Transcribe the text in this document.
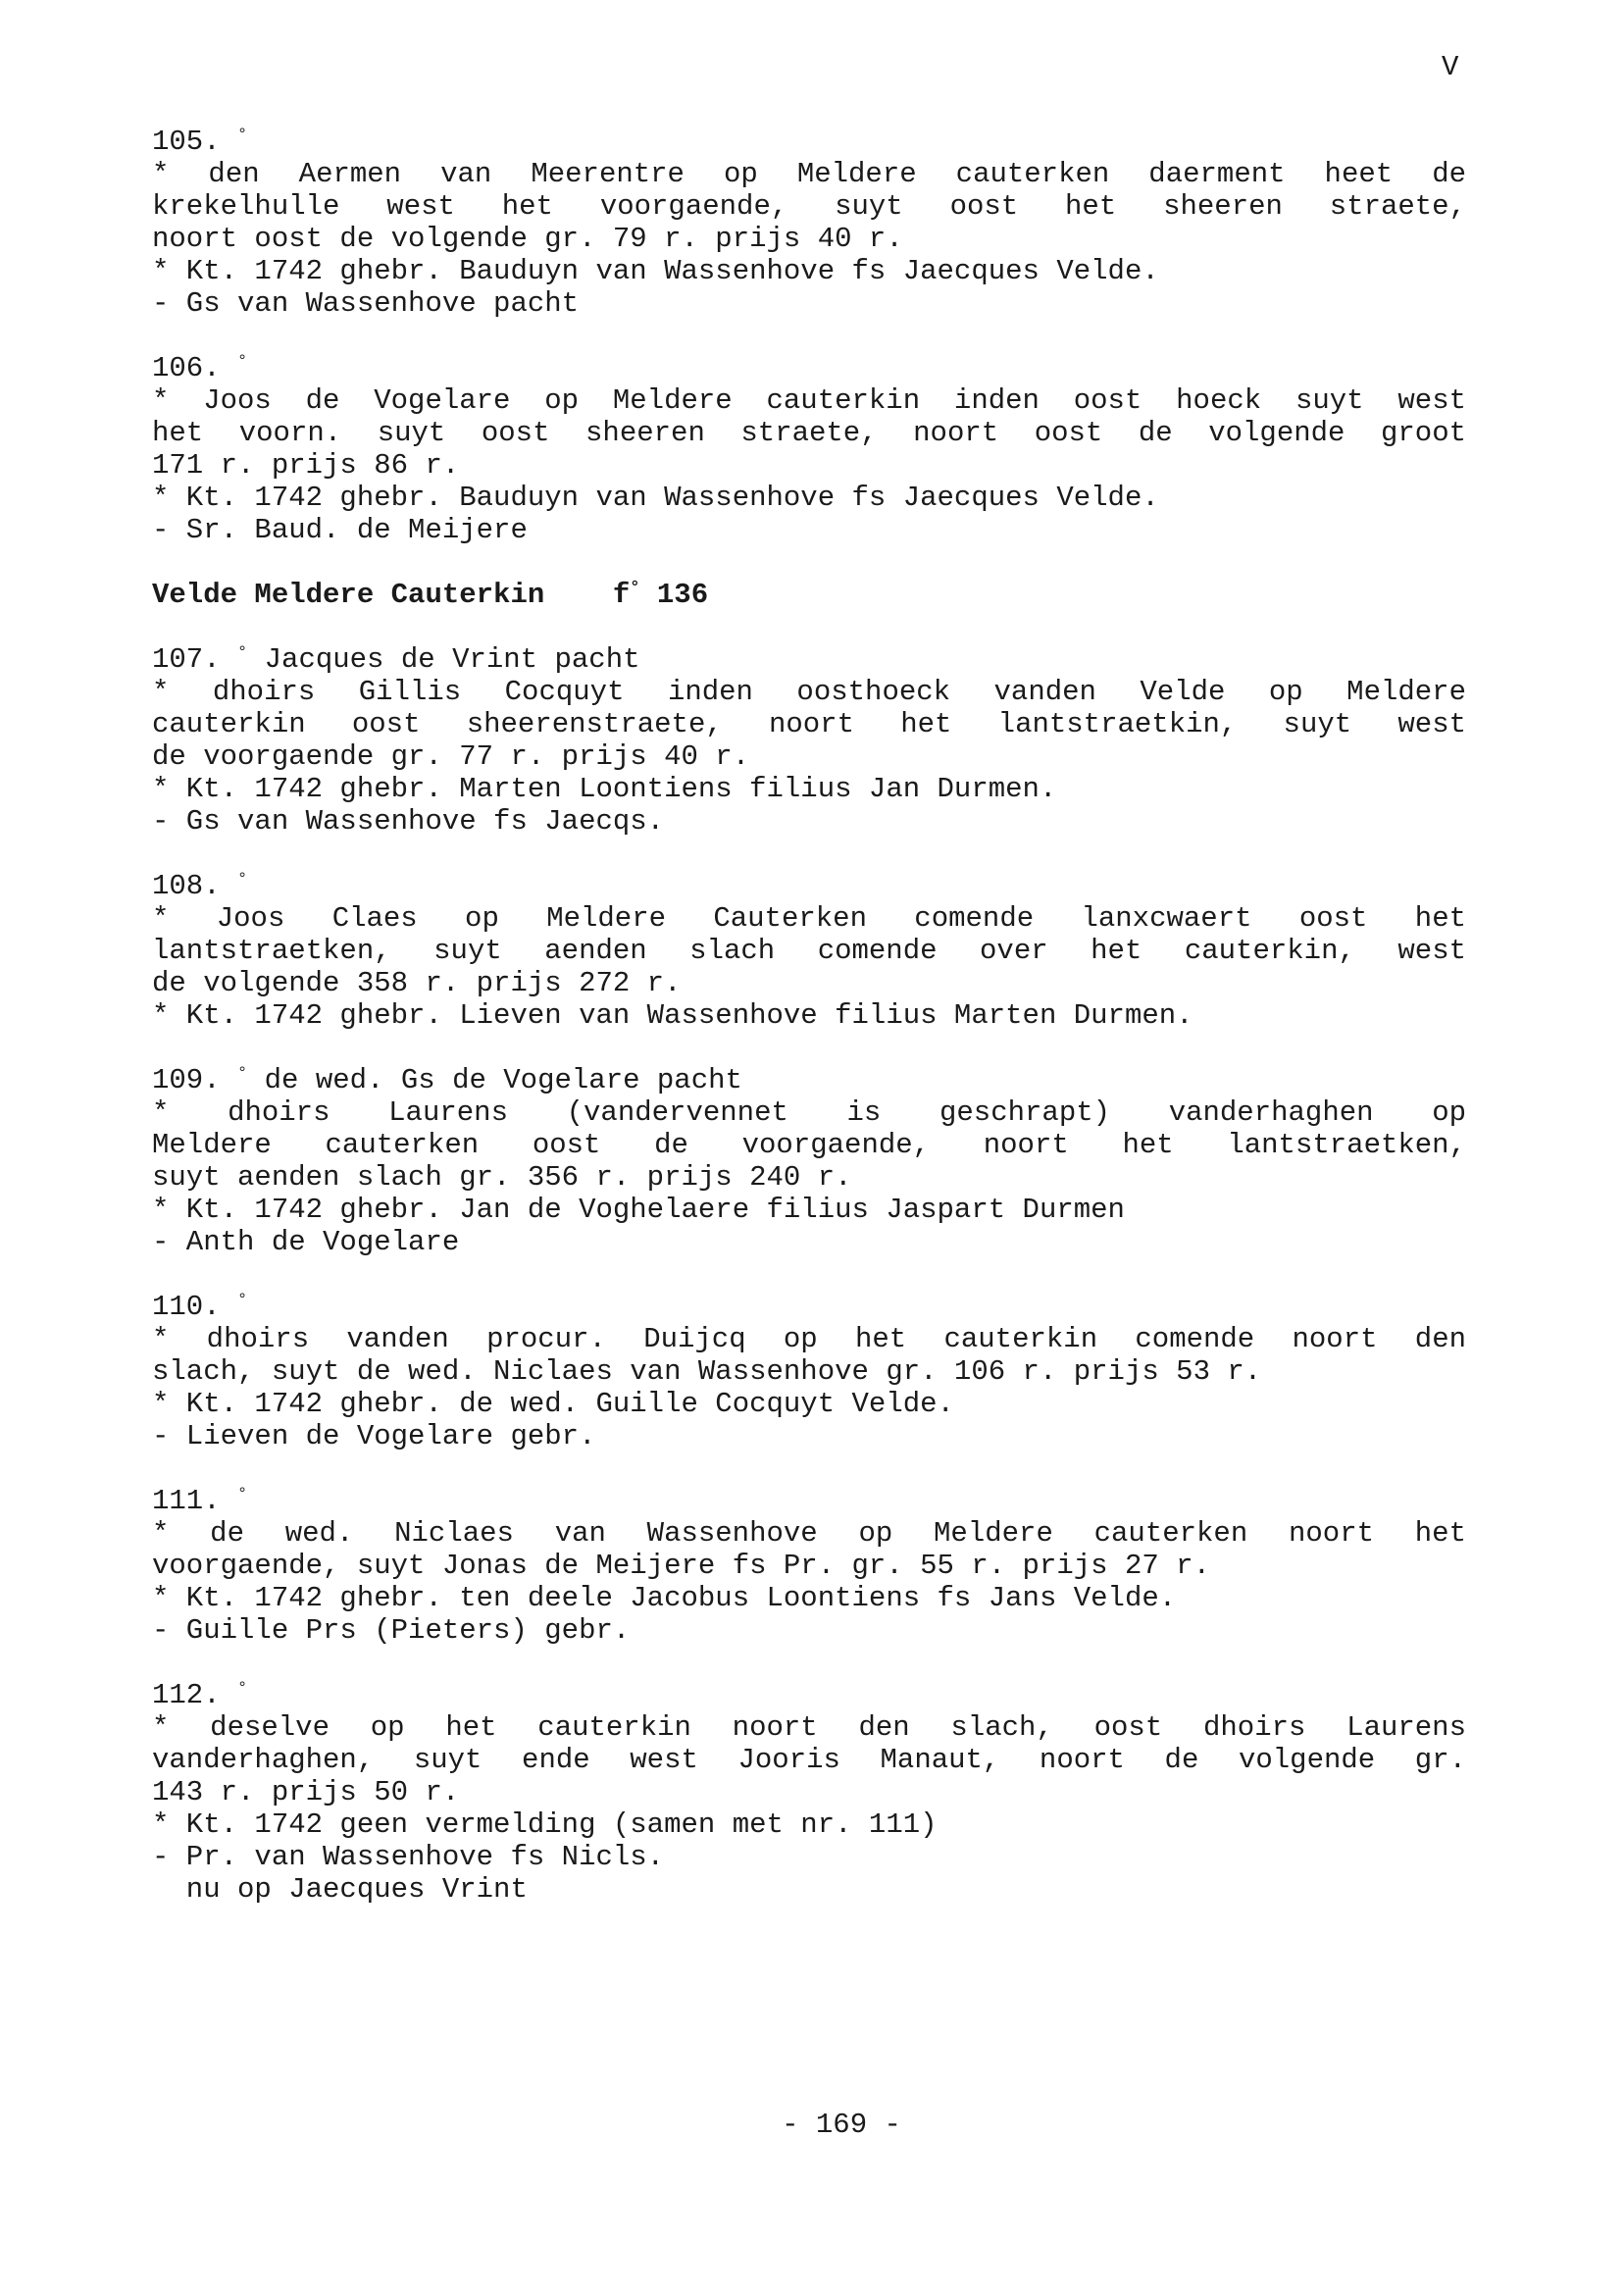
V
105. °
* den Aermen van Meerentre op Meldere cauterken daerment heet de
krekelhulle west het voorgaende, suyt oost het sheeren straete,
noort oost de volgende gr. 79 r. prijs 40 r.
* Kt. 1742 ghebr. Bauduyn van Wassenhove fs Jaecques Velde.
- Gs van Wassenhove pacht
106. °
* Joos de Vogelare op Meldere cauterkin inden oost hoeck suyt west
het voorn. suyt oost sheeren straete, noort oost de volgende groot
171 r. prijs 86 r.
* Kt. 1742 ghebr. Bauduyn van Wassenhove fs Jaecques Velde.
- Sr. Baud. de Meijere
Velde Meldere Cauterkin f° 136
107. ° Jacques de Vrint pacht
* dhoirs Gillis Cocquyt inden oosthoeck vanden Velde op Meldere
cauterkin oost sheerenstraete, noort het lantstraetkin, suyt west
de voorgaende gr. 77 r. prijs 40 r.
* Kt. 1742 ghebr. Marten Loontiens filius Jan Durmen.
- Gs van Wassenhove fs Jaecqs.
108. °
* Joos Claes op Meldere Cauterken comende lanxcwaert oost het
lantstraetken, suyt aenden slach comende over het cauterkin, west
de volgende 358 r. prijs 272 r.
* Kt. 1742 ghebr. Lieven van Wassenhove filius Marten Durmen.
109. ° de wed. Gs de Vogelare pacht
* dhoirs Laurens (vandervennet is geschrapt) vanderhaghen op
Meldere cauterken oost de voorgaende, noort het lantstraetken,
suyt aenden slach gr. 356 r. prijs 240 r.
* Kt. 1742 ghebr. Jan de Voghelaere filius Jaspart Durmen
- Anth de Vogelare
110. °
* dhoirs vanden procur. Duijcq op het cauterkin comende noort den
slach, suyt de wed. Niclaes van Wassenhove gr. 106 r. prijs 53 r.
* Kt. 1742 ghebr. de wed. Guille Cocquyt Velde.
- Lieven de Vogelare gebr.
111. °
* de wed. Niclaes van Wassenhove op Meldere cauterken noort het
voorgaende, suyt Jonas de Meijere fs Pr. gr. 55 r. prijs 27 r.
* Kt. 1742 ghebr. ten deele Jacobus Loontiens fs Jans Velde.
- Guille Prs (Pieters) gebr.
112. °
* deselve op het cauterkin noort den slach, oost dhoirs Laurens
vanderhaghen, suyt ende west Jooris Manaut, noort de volgende gr.
143 r. prijs 50 r.
* Kt. 1742 geen vermelding (samen met nr. 111)
- Pr. van Wassenhove fs Nicls.
nu op Jaecques Vrint
- 169 -
